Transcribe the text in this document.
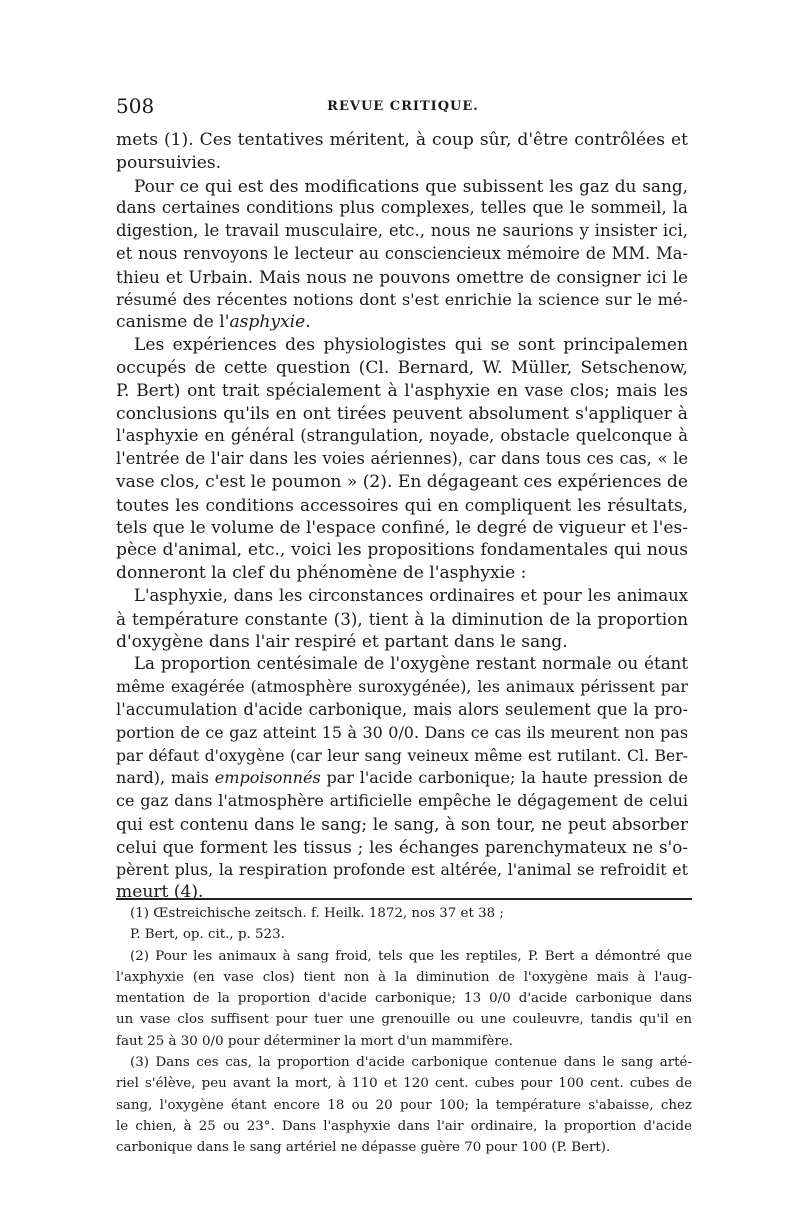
508	REVUE CRITIQUE.
mets (1). Ces tentatives méritent, à coup sûr, d'être contrôlées et
poursuivies.
Pour ce qui est des modifications que subissent les gaz du sang,
dans certaines conditions plus complexes, telles que le sommeil, la
digestion, le travail musculaire, etc., nous ne saurions y insister ici,
et nous renvoyons le lecteur au consciencieux mémoire de MM. Ma-
thieu et Urbain. Mais nous ne pouvons omettre de consigner ici le
résumé des récentes notions dont s'est enrichie la science sur le mé-
canisme de l'asphyxie.
Les expériences des physiologistes qui se sont principalemen
occupés de cette question (Cl. Bernard, W. Müller, Setschenow,
P. Bert) ont trait spécialement à l'asphyxie en vase clos; mais les
conclusions qu'ils en ont tirées peuvent absolument s'appliquer à
l'asphyxie en général (strangulation, noyade, obstacle quelconque à
l'entrée de l'air dans les voies aériennes), car dans tous ces cas, « le
vase clos, c'est le poumon » (2). En dégageant ces expériences de
toutes les conditions accessoires qui en compliquent les résultats,
tels que le volume de l'espace confiné, le degré de vigueur et l'es-
pèce d'animal, etc., voici les propositions fondamentales qui nous
donneront la clef du phénomène de l'asphyxie :
L'asphyxie, dans les circonstances ordinaires et pour les animaux
à température constante (3), tient à la diminution de la proportion
d'oxygène dans l'air respiré et partant dans le sang.
La proportion centésimale de l'oxygène restant normale ou étant
même exagérée (atmosphère suroxygénée), les animaux périssent par
l'accumulation d'acide carbonique, mais alors seulement que la pro-
portion de ce gaz atteint 15 à 30 0/0. Dans ce cas ils meurent non pas
par défaut d'oxygène (car leur sang veineux même est rutilant. Cl. Ber-
nard), mais empoisonnés par l'acide carbonique; la haute pression de
ce gaz dans l'atmosphère artificielle empêche le dégagement de celui
qui est contenu dans le sang; le sang, à son tour, ne peut absorber
celui que forment les tissus ; les échanges parenchymateux ne s'o-
pèrent plus, la respiration profonde est altérée, l'animal se refroidit et
meurt (4).
(1) Œstreichische zeitsch. f. Heilk. 1872, nos 37 et 38 ;
P. Bert, op. cit., p. 523.
(2) Pour les animaux à sang froid, tels que les reptiles, P. Bert a démontré que
l'axphyxie (en vase clos) tient non à la diminution de l'oxygène mais à l'aug-
mentation de la proportion d'acide carbonique; 13 0/0 d'acide carbonique dans
un vase clos suffisent pour tuer une grenouille ou une couleuvre, tandis qu'il en
faut 25 à 30 0/0 pour déterminer la mort d'un mammifère.
(3) Dans ces cas, la proportion d'acide carbonique contenue dans le sang arté-
riel s'élève, peu avant la mort, à 110 et 120 cent. cubes pour 100 cent. cubes de
sang, l'oxygène étant encore 18 ou 20 pour 100; la température s'abaisse, chez
le chien, à 25 ou 23°. Dans l'asphyxie dans l'air ordinaire, la proportion d'acide
carbonique dans le sang artériel ne dépasse guère 70 pour 100 (P. Bert).
